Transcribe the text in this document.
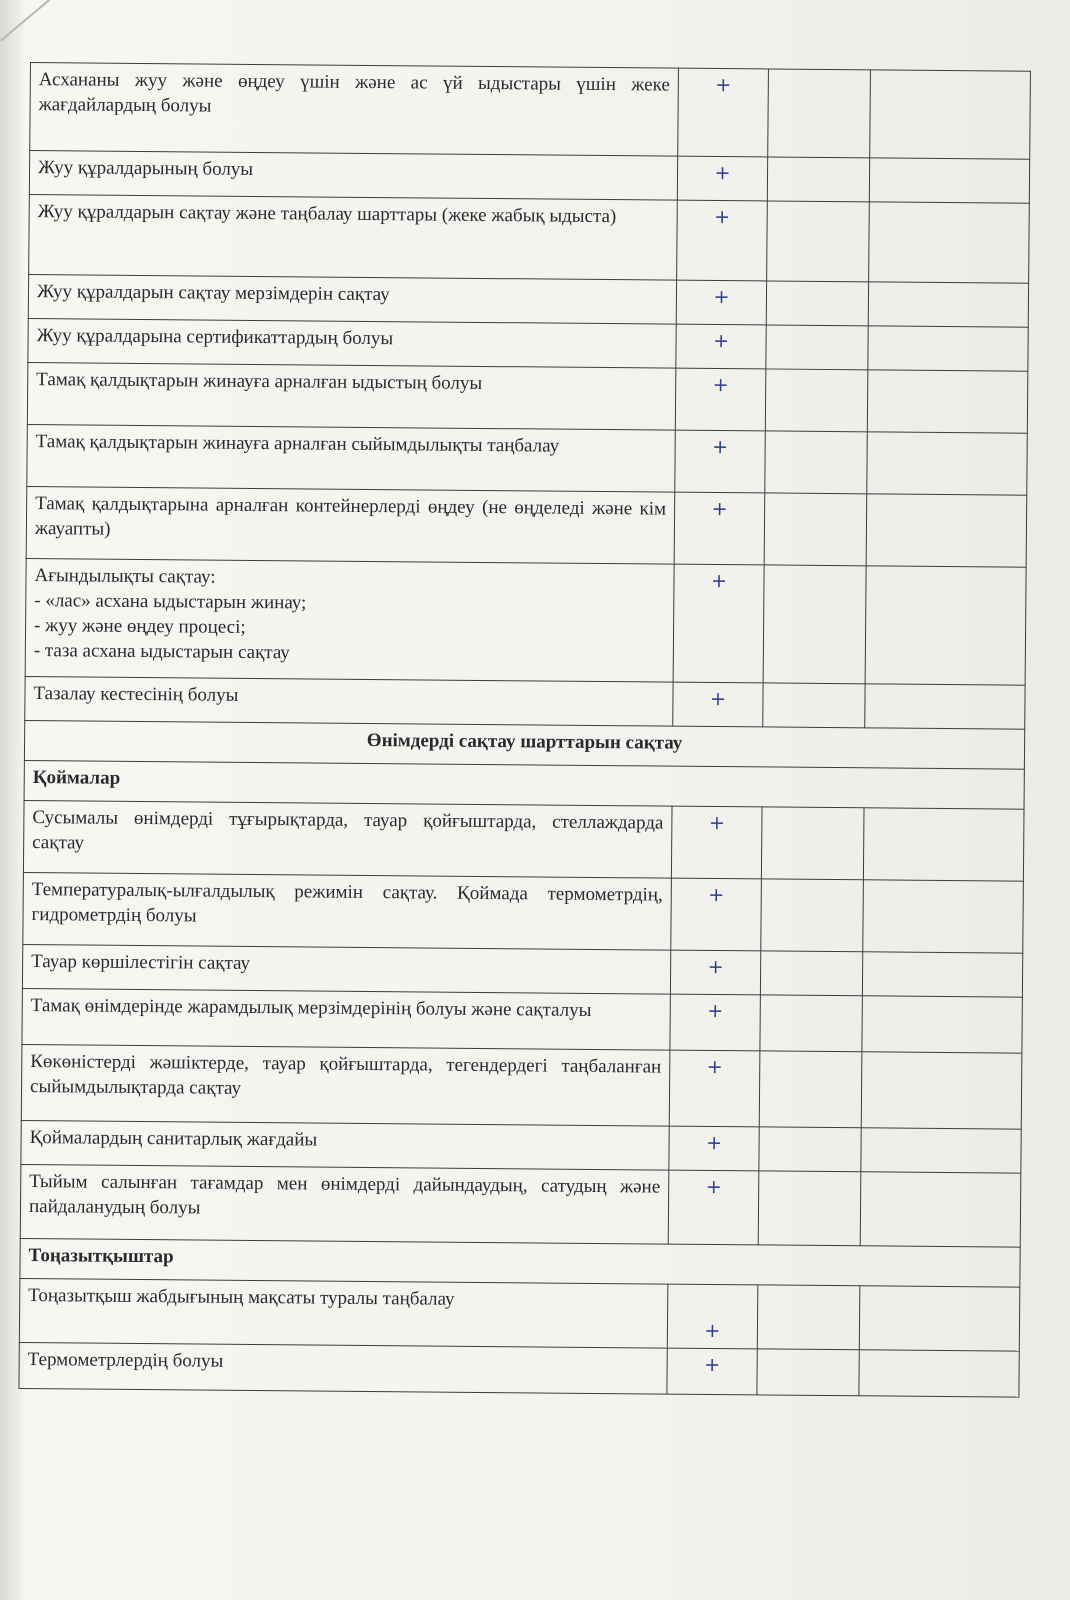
Асхананы жуу және өңдеу үшін және ас үй ыдыстары үшін жеке жағдайлардың болуы	+		
Жуу құралдарының болуы	+		
Жуу құралдарын сақтау және таңбалау шарттары (жеке жабық ыдыста)	+		
Жуу құралдарын сақтау мерзімдерін сақтау	+		
Жуу құралдарына сертификаттардың болуы	+		
Тамақ қалдықтарын жинауға арналған ыдыстың болуы	+		
Тамақ қалдықтарын жинауға арналған сыйымдылықты таңбалау	+		
Тамақ қалдықтарына арналған контейнерлерді өңдеу (не өңделеді және кім жауапты)	+		

Ағындылықты сақтау:
- «лас» асхана ыдыстарын жинау;
- жуу және өңдеу процесі;
- таза асхана ыдыстарын сақтау	+		
Тазалау кестесінің болуы	+		
Өнімдерді сақтау шарттарын сақтау			
Қоймалар			
Сусымалы өнімдерді тұғырықтарда, тауар қойғыштарда, стеллаждарда сақтау	+		
Температуралық-ылғалдылық режимін сақтау. Қоймада термометрдің, гидрометрдің болуы	+		
Тауар көршілестігін сақтау	+		
Тамақ өнімдерінде жарамдылық мерзімдерінің болуы және сақталуы	+		
Көкөністерді жәшіктерде, тауар қойғыштарда, тегендердегі таңбаланған сыйымдылықтарда сақтау	+		
Қоймалардың санитарлық жағдайы	+		
Тыйым салынған тағамдар мен өнімдерді дайындаудың, сатудың және пайдаланудың болуы	+		
Тоңазытқыштар			
Тоңазытқыш жабдығының мақсаты туралы таңбалау	+		
Термометрлердің болуы	+		
